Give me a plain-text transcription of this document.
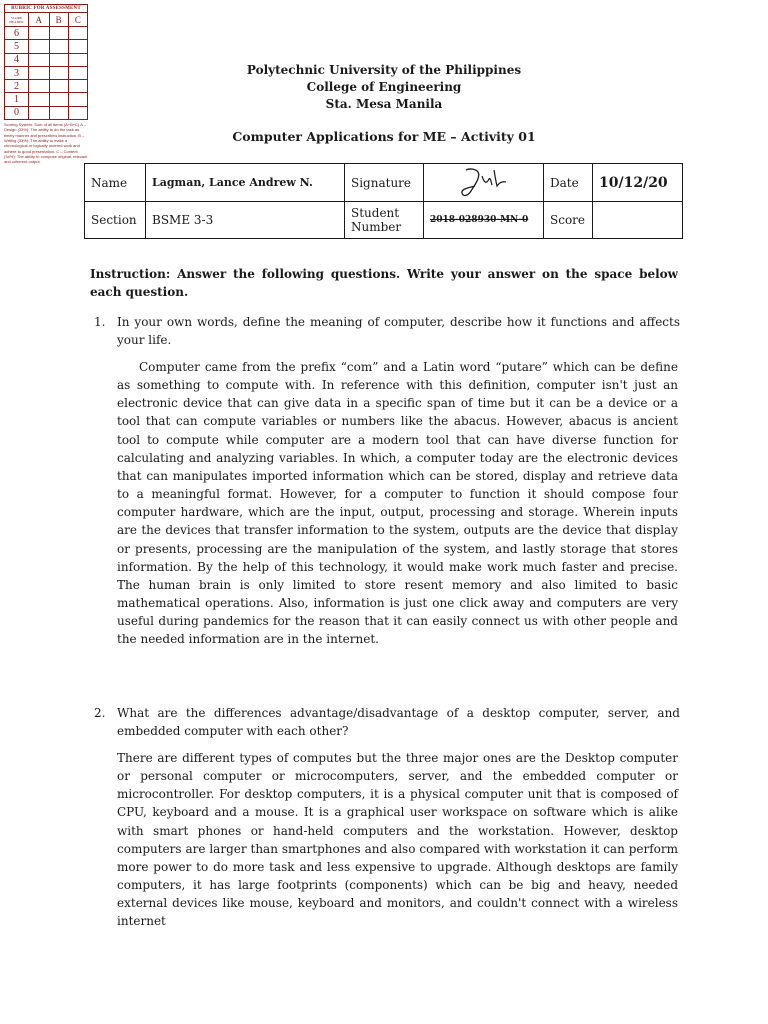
RUBRIC FOR ASSESSMENT			
SCORE HEADER	A	B	C
6			
5			
4			
3			
2			
1			
0			
Scoring System: Sum of all items (A+B+C) A – Design (33%): The ability to do the task as timely manner and prescribed instruction. B – Writing (33%): The ability to make a chronological or logically ordered work and adhere to good presentation. C – Content (34%): The ability to compose original, relevant and coherent output.
Polytechnic University of the Philippines
College of Engineering
Sta. Mesa Manila
Computer Applications for ME – Activity 01
Name	Lagman, Lance Andrew N.	Signature		Date	10/12/20
Section	BSME 3-3	Student Number	2018-028930-MN-0	Score	
Instruction: Answer the following questions. Write your answer on the space below each question.
1. In your own words, define the meaning of computer, describe how it functions and affects your life.
Computer came from the prefix “com” and a Latin word “putare” which can be define as something to compute with. In reference with this definition, computer isn't just an electronic device that can give data in a specific span of time but it can be a device or a tool that can compute variables or numbers like the abacus. However, abacus is ancient tool to compute while computer are a modern tool that can have diverse function for calculating and analyzing variables. In which, a computer today are the electronic devices that can manipulates imported information which can be stored, display and retrieve data to a meaningful format. However, for a computer to function it should compose four computer hardware, which are the input, output, processing and storage. Wherein inputs are the devices that transfer information to the system, outputs are the device that display or presents, processing are the manipulation of the system, and lastly storage that stores information. By the help of this technology, it would make work much faster and precise. The human brain is only limited to store resent memory and also limited to basic mathematical operations. Also, information is just one click away and computers are very useful during pandemics for the reason that it can easily connect us with other people and the needed information are in the internet.
2. What are the differences advantage/disadvantage of a desktop computer, server, and embedded computer with each other?
There are different types of computes but the three major ones are the Desktop computer or personal computer or microcomputers, server, and the embedded computer or microcontroller. For desktop computers, it is a physical computer unit that is composed of CPU, keyboard and a mouse. It is a graphical user workspace on software which is alike with smart phones or hand-held computers and the workstation. However, desktop computers are larger than smartphones and also compared with workstation it can perform more power to do more task and less expensive to upgrade. Although desktops are family computers, it has large footprints (components) which can be big and heavy, needed external devices like mouse, keyboard and monitors, and couldn't connect with a wireless internet
